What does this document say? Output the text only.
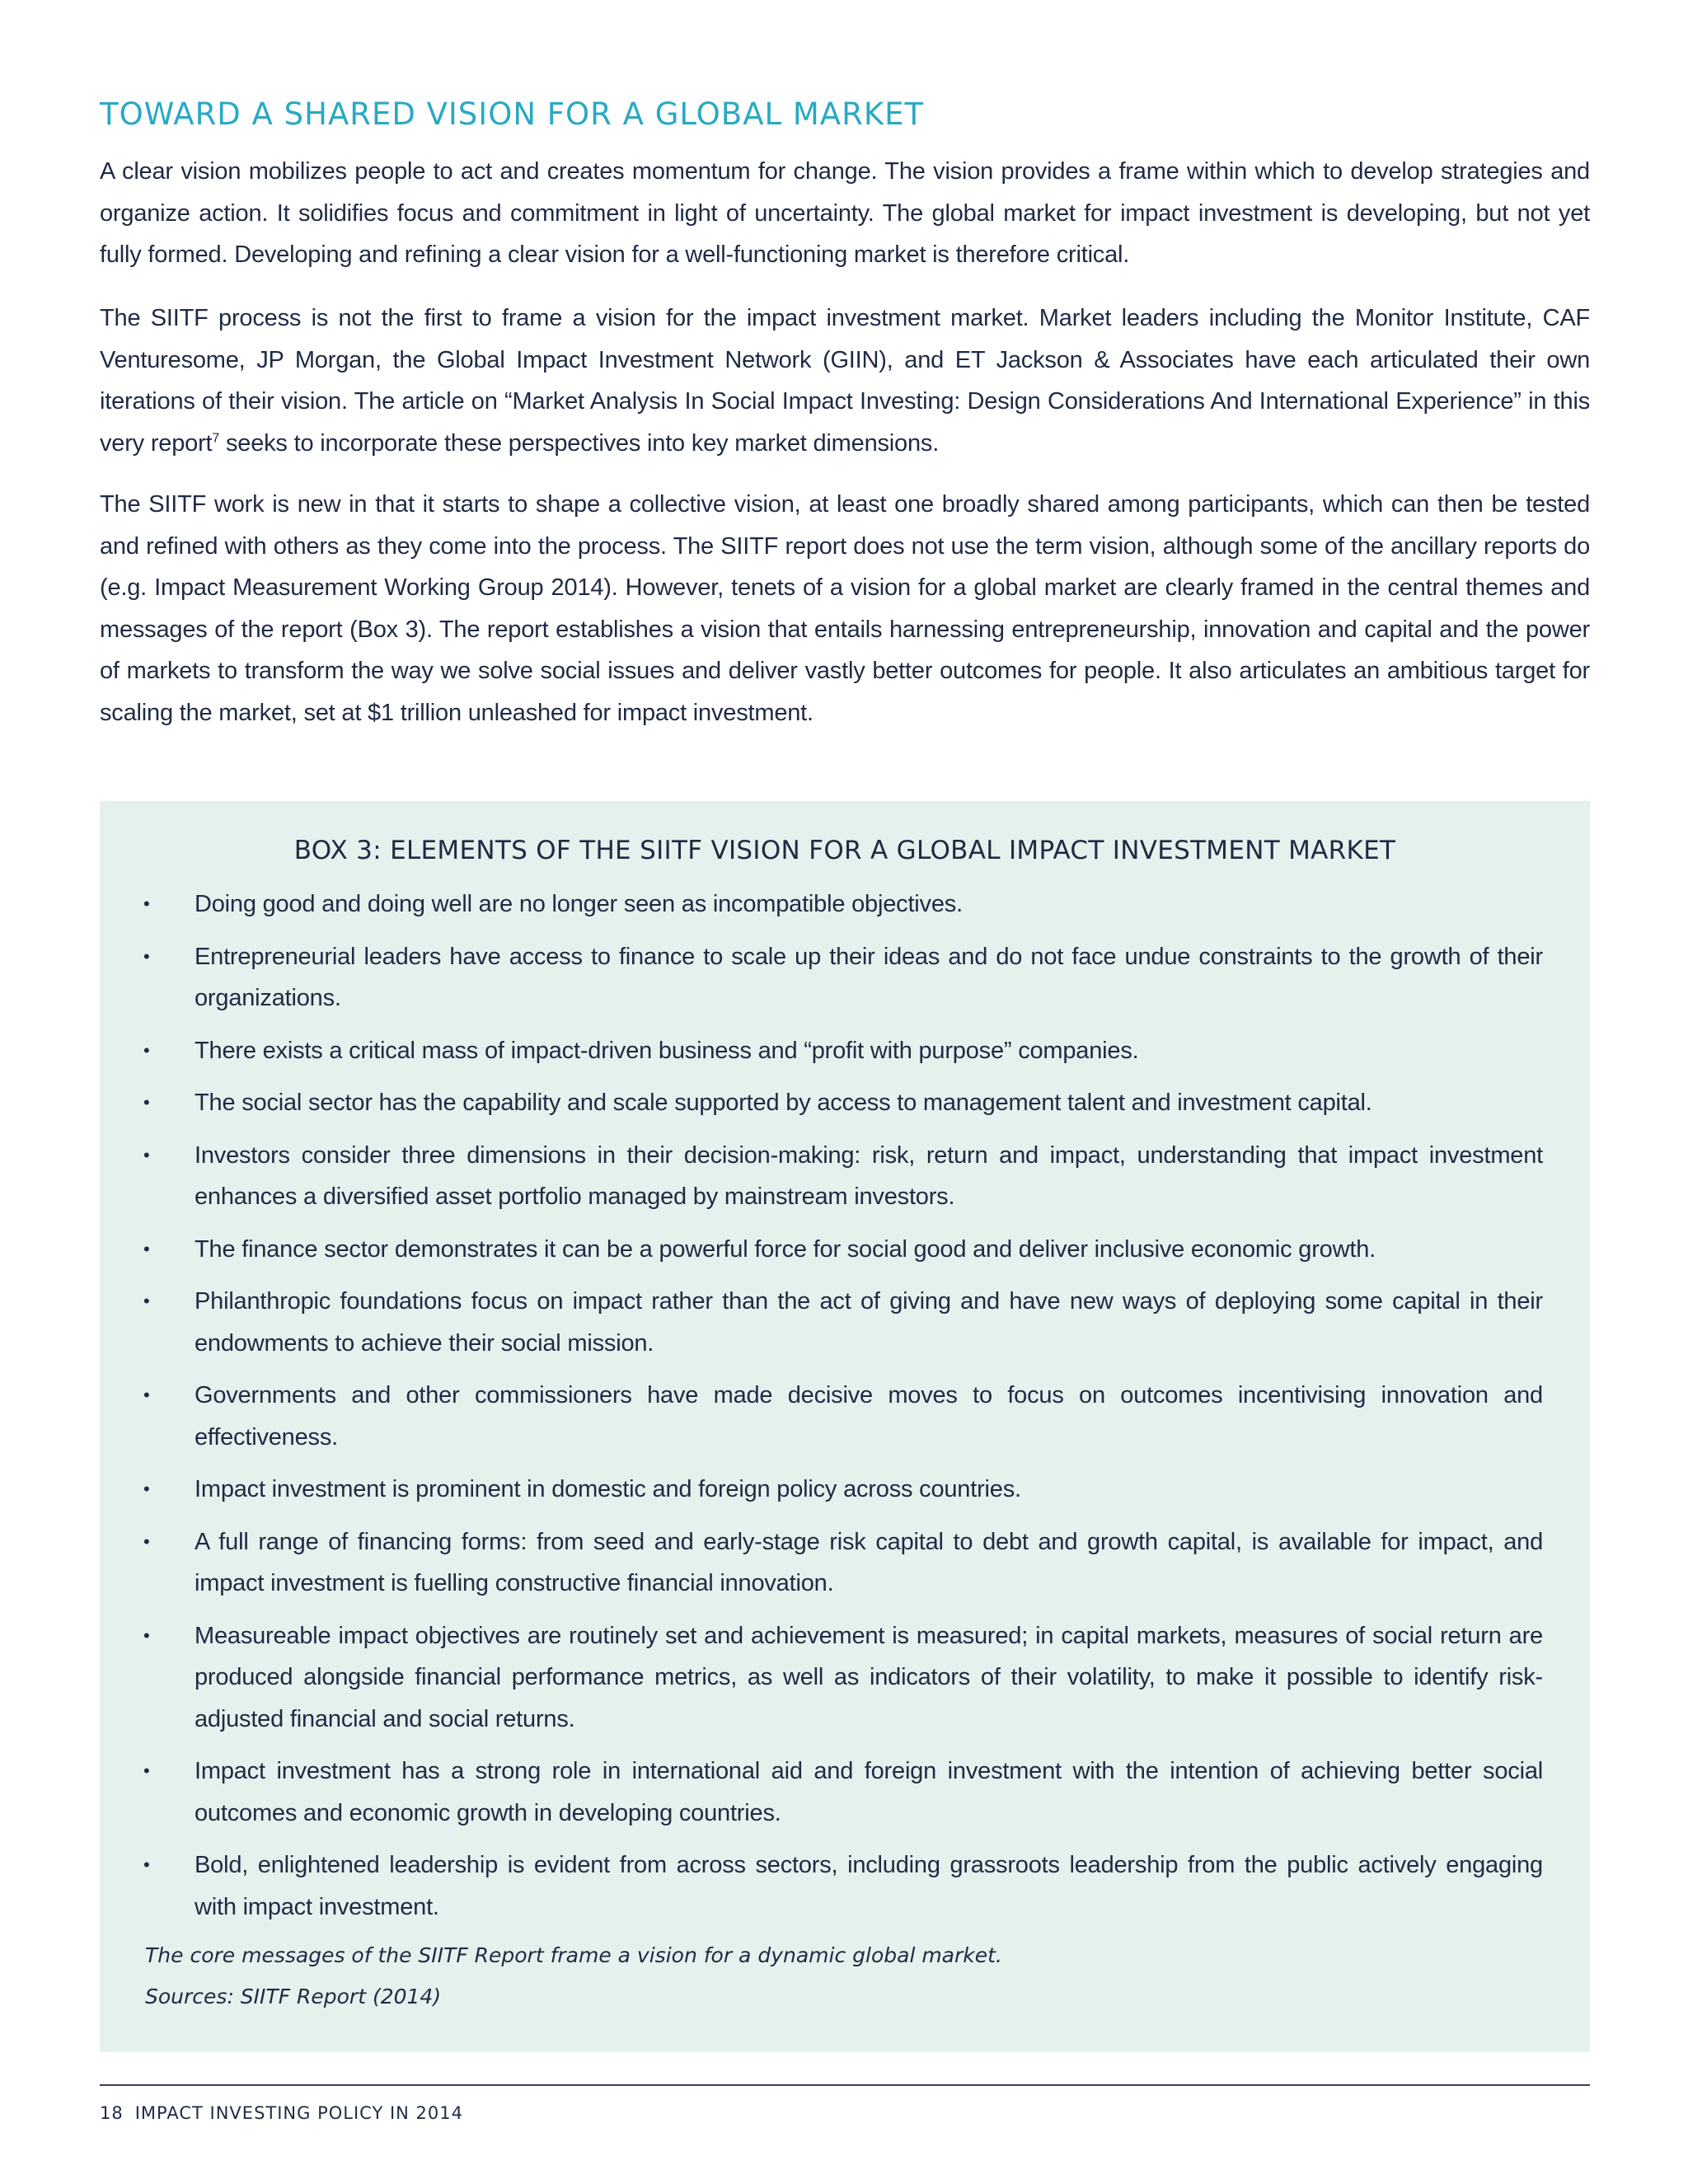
TOWARD A SHARED VISION FOR A GLOBAL MARKET

A clear vision mobilizes people to act and creates momentum for change. The vision provides a frame within which to develop strategies and organize action. It solidifies focus and commitment in light of uncertainty. The global market for impact investment is developing, but not yet fully formed. Developing and refining a clear vision for a well-functioning market is therefore critical.

The SIITF process is not the first to frame a vision for the impact investment market. Market leaders including the Monitor Institute, CAF Venturesome, JP Morgan, the Global Impact Investment Network (GIIN), and ET Jackson & Associates have each articulated their own iterations of their vision. The article on “Market Analysis In Social Impact Investing: Design Considerations And International Experience” in this very report$^7$ seeks to incorporate these perspectives into key market dimensions.

The SIITF work is new in that it starts to shape a collective vision, at least one broadly shared among participants, which can then be tested and refined with others as they come into the process. The SIITF report does not use the term vision, although some of the ancillary reports do (e.g. Impact Measurement Working Group 2014). However, tenets of a vision for a global market are clearly framed in the central themes and messages of the report (Box 3). The report establishes a vision that entails harnessing entrepreneurship, innovation and capital and the power of markets to transform the way we solve social issues and deliver vastly better outcomes for people. It also articulates an ambitious target for scaling the market, set at $1 trillion unleashed for impact investment.

BOX 3: ELEMENTS OF THE SIITF VISION FOR A GLOBAL IMPACT INVESTMENT MARKET
• Doing good and doing well are no longer seen as incompatible objectives.
• Entrepreneurial leaders have access to finance to scale up their ideas and do not face undue constraints to the growth of their organizations.
• There exists a critical mass of impact-driven business and “profit with purpose” companies.
• The social sector has the capability and scale supported by access to management talent and investment capital.
• Investors consider three dimensions in their decision-making: risk, return and impact, understanding that impact investment enhances a diversified asset portfolio managed by mainstream investors.
• The finance sector demonstrates it can be a powerful force for social good and deliver inclusive economic growth.
• Philanthropic foundations focus on impact rather than the act of giving and have new ways of deploying some capital in their endowments to achieve their social mission.
• Governments and other commissioners have made decisive moves to focus on outcomes incentivising innovation and effectiveness.
• Impact investment is prominent in domestic and foreign policy across countries.
• A full range of financing forms: from seed and early-stage risk capital to debt and growth capital, is available for impact, and impact investment is fuelling constructive financial innovation.
• Measureable impact objectives are routinely set and achievement is measured; in capital markets, measures of social return are produced alongside financial performance metrics, as well as indicators of their volatility, to make it possible to identify risk-adjusted financial and social returns.
• Impact investment has a strong role in international aid and foreign investment with the intention of achieving better social outcomes and economic growth in developing countries.
• Bold, enlightened leadership is evident from across sectors, including grassroots leadership from the public actively engaging with impact investment.

The core messages of the SIITF Report frame a vision for a dynamic global market.

Sources: SIITF Report (2014)

18 IMPACT INVESTING POLICY IN 2014
